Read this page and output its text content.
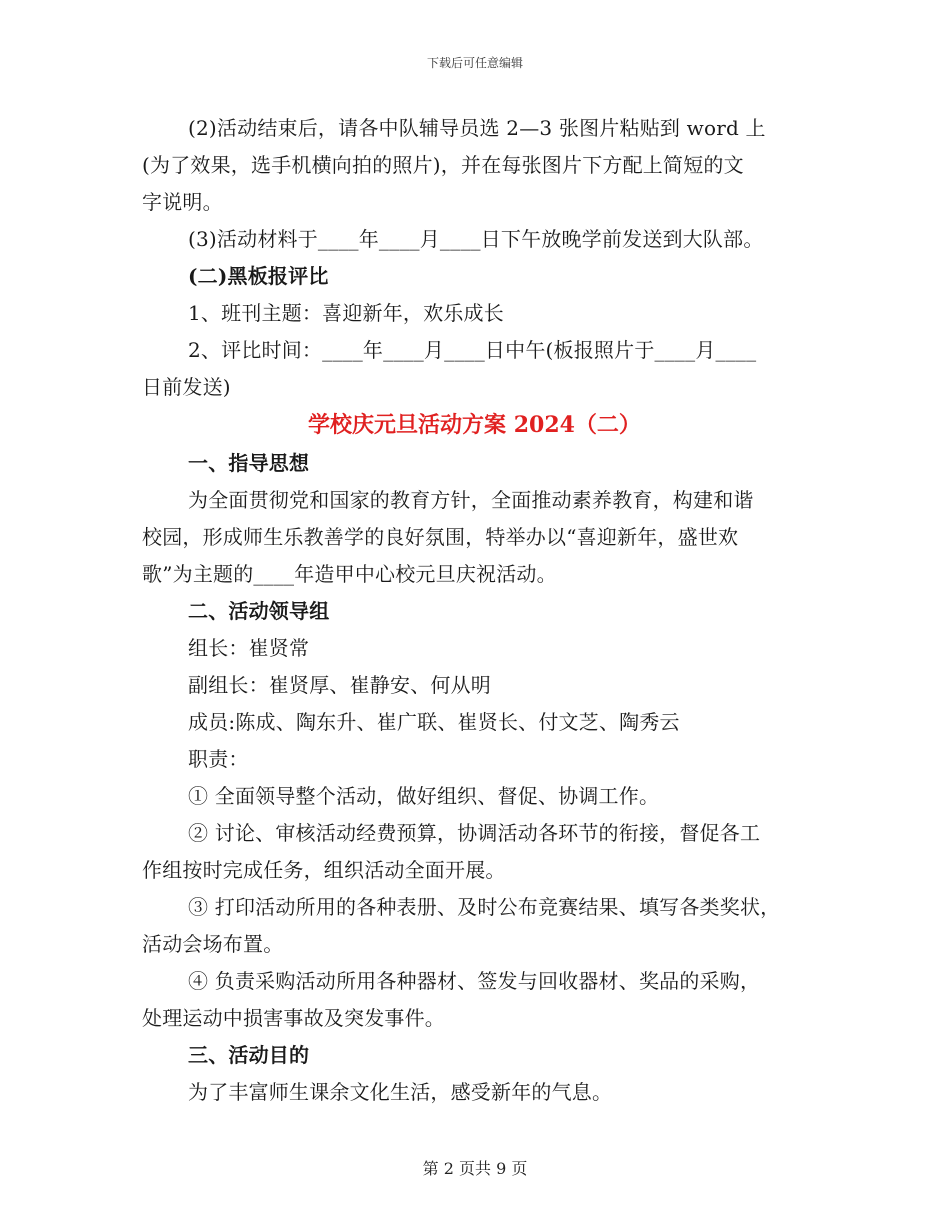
下载后可任意编辑

(2)活动结束后，请各中队辅导员选 2—3 张图片粘贴到 word 上

(为了效果，选手机横向拍的照片)，并在每张图片下方配上简短的文

字说明。

(3)活动材料于____年____月____日下午放晚学前发送到大队部。

(二)黑板报评比

1、班刊主题：喜迎新年，欢乐成长

2、评比时间：____年____月____日中午(板报照片于____月____

日前发送)

学校庆元旦活动方案 2024（二）

一、指导思想

为全面贯彻党和国家的教育方针，全面推动素养教育，构建和谐

校园，形成师生乐教善学的良好氛围，特举办以“喜迎新年，盛世欢

歌”为主题的____年造甲中心校元旦庆祝活动。

二、活动领导组

组长：崔贤常

副组长：崔贤厚、崔静安、何从明

成员:陈成、陶东升、崔广联、崔贤长、付文芝、陶秀云

职责：

① 全面领导整个活动，做好组织、督促、协调工作。

② 讨论、审核活动经费预算，协调活动各环节的衔接，督促各工

作组按时完成任务，组织活动全面开展。

③ 打印活动所用的各种表册、及时公布竞赛结果、填写各类奖状，

活动会场布置。

④ 负责采购活动所用各种器材、签发与回收器材、奖品的采购，

处理运动中损害事故及突发事件。

三、活动目的

为了丰富师生课余文化生活，感受新年的气息。

第 2 页共 9 页
